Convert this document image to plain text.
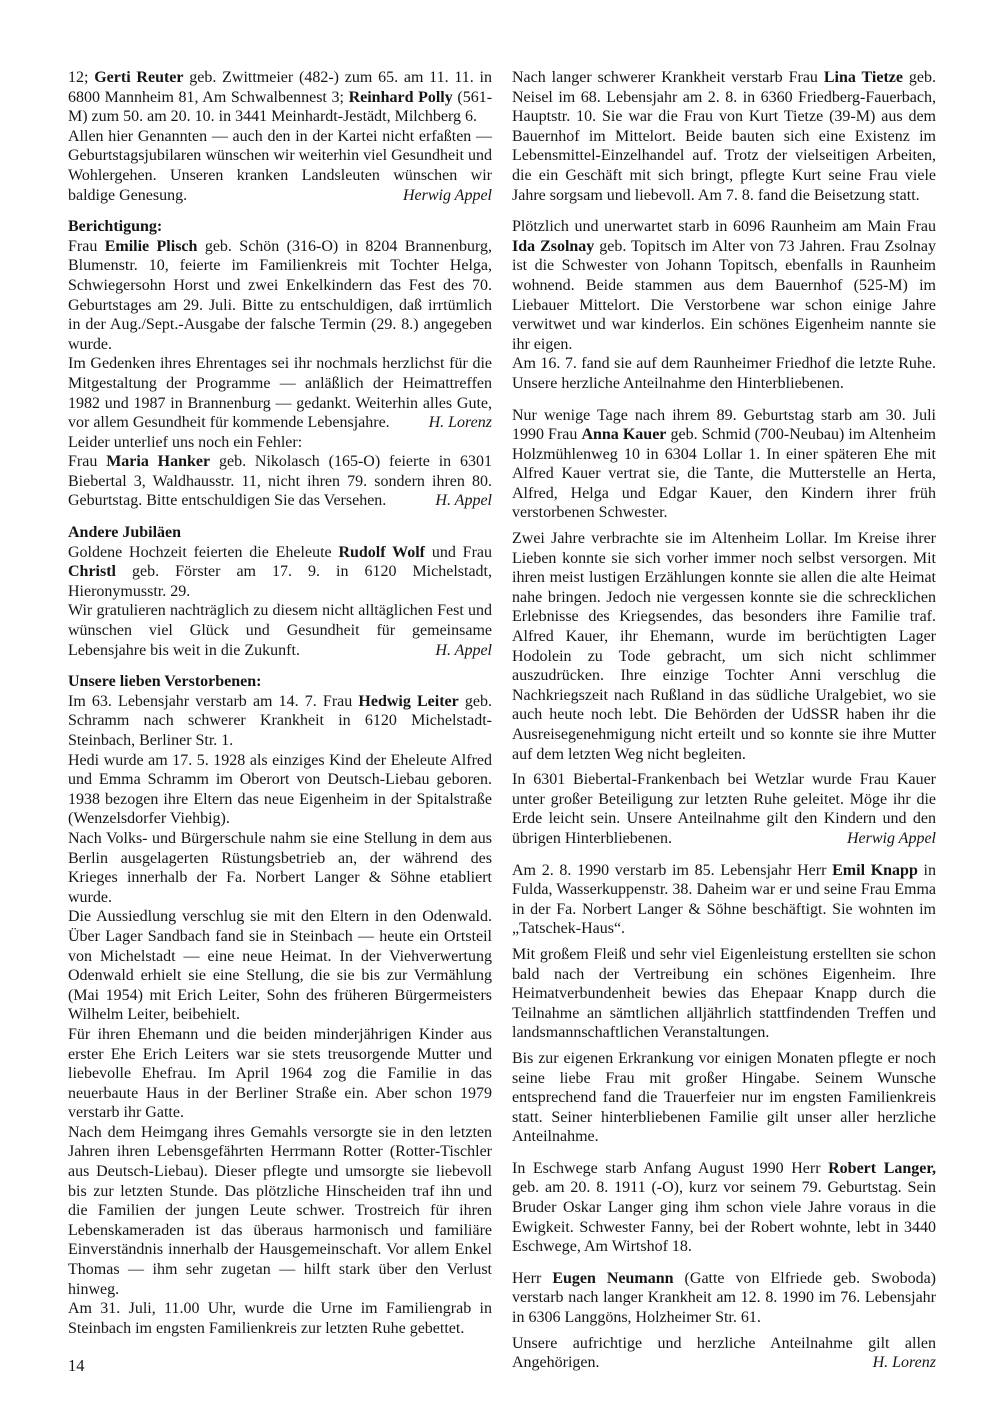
12; Gerti Reuter geb. Zwittmeier (482-) zum 65. am 11. 11. in 6800 Mannheim 81, Am Schwalbennest 3; Reinhard Polly (561-M) zum 50. am 20. 10. in 3441 Meinhardt-Jestädt, Milchberg 6.

Allen hier Genannten — auch den in der Kartei nicht erfaßten — Geburtstagsjubilaren wünschen wir weiterhin viel Gesundheit und Wohlergehen. Unseren kranken Landsleuten wünschen wir baldige Genesung.	Herwig Appel

Berichtigung:

Frau Emilie Plisch geb. Schön (316-O) in 8204 Brannenburg, Blumenstr. 10, feierte im Familienkreis mit Tochter Helga, Schwiegersohn Horst und zwei Enkelkindern das Fest des 70. Geburtstages am 29. Juli. Bitte zu entschuldigen, daß irrtümlich in der Aug./Sept.-Ausgabe der falsche Termin (29. 8.) angegeben wurde.

Im Gedenken ihres Ehrentages sei ihr nochmals herzlichst für die Mitgestaltung der Programme — anläßlich der Heimattreffen 1982 und 1987 in Brannenburg — gedankt. Weiterhin alles Gute, vor allem Gesundheit für kommende Lebensjahre.	H. Lorenz

Leider unterlief uns noch ein Fehler:

Frau Maria Hanker geb. Nikolasch (165-O) feierte in 6301 Biebertal 3, Waldhausstr. 11, nicht ihren 79. sondern ihren 80. Geburtstag. Bitte entschuldigen Sie das Versehen.	H. Appel

Andere Jubiläen

Goldene Hochzeit feierten die Eheleute Rudolf Wolf und Frau Christl geb. Förster am 17. 9. in 6120 Michelstadt, Hieronymusstr. 29.

Wir gratulieren nachträglich zu diesem nicht alltäglichen Fest und wünschen viel Glück und Gesundheit für gemeinsame Lebensjahre bis weit in die Zukunft.	H. Appel

Unsere lieben Verstorbenen:

Im 63. Lebensjahr verstarb am 14. 7. Frau Hedwig Leiter geb. Schramm nach schwerer Krankheit in 6120 Michelstadt-Steinbach, Berliner Str. 1.

Hedi wurde am 17. 5. 1928 als einziges Kind der Eheleute Alfred und Emma Schramm im Oberort von Deutsch-Liebau geboren. 1938 bezogen ihre Eltern das neue Eigenheim in der Spitalstraße (Wenzelsdorfer Viehbig).

Nach Volks- und Bürgerschule nahm sie eine Stellung in dem aus Berlin ausgelagerten Rüstungsbetrieb an, der während des Krieges innerhalb der Fa. Norbert Langer & Söhne etabliert wurde.

Die Aussiedlung verschlug sie mit den Eltern in den Odenwald. Über Lager Sandbach fand sie in Steinbach — heute ein Ortsteil von Michelstadt — eine neue Heimat. In der Viehverwertung Odenwald erhielt sie eine Stellung, die sie bis zur Vermählung (Mai 1954) mit Erich Leiter, Sohn des früheren Bürgermeisters Wilhelm Leiter, beibehielt.

Für ihren Ehemann und die beiden minderjährigen Kinder aus erster Ehe Erich Leiters war sie stets treusorgende Mutter und liebevolle Ehefrau. Im April 1964 zog die Familie in das neuerbaute Haus in der Berliner Straße ein. Aber schon 1979 verstarb ihr Gatte.

Nach dem Heimgang ihres Gemahls versorgte sie in den letzten Jahren ihren Lebensgefährten Herrmann Rotter (Rotter-Tischler aus Deutsch-Liebau). Dieser pflegte und umsorgte sie liebevoll bis zur letzten Stunde. Das plötzliche Hinscheiden traf ihn und die Familien der jungen Leute schwer. Trostreich für ihren Lebenskameraden ist das überaus harmonisch und familiäre Einverständnis innerhalb der Hausgemeinschaft. Vor allem Enkel Thomas — ihm sehr zugetan — hilft stark über den Verlust hinweg.

Am 31. Juli, 11.00 Uhr, wurde die Urne im Familiengrab in Steinbach im engsten Familienkreis zur letzten Ruhe gebettet.

Nach langer schwerer Krankheit verstarb Frau Lina Tietze geb. Neisel im 68. Lebensjahr am 2. 8. in 6360 Friedberg-Fauerbach, Hauptstr. 10. Sie war die Frau von Kurt Tietze (39-M) aus dem Bauernhof im Mittelort. Beide bauten sich eine Existenz im Lebensmittel-Einzelhandel auf. Trotz der vielseitigen Arbeiten, die ein Geschäft mit sich bringt, pflegte Kurt seine Frau viele Jahre sorgsam und liebevoll. Am 7. 8. fand die Beisetzung statt.

Plötzlich und unerwartet starb in 6096 Raunheim am Main Frau Ida Zsolnay geb. Topitsch im Alter von 73 Jahren. Frau Zsolnay ist die Schwester von Johann Topitsch, ebenfalls in Raunheim wohnend. Beide stammen aus dem Bauernhof (525-M) im Liebauer Mittelort. Die Verstorbene war schon einige Jahre verwitwet und war kinderlos. Ein schönes Eigenheim nannte sie ihr eigen.

Am 16. 7. fand sie auf dem Raunheimer Friedhof die letzte Ruhe. Unsere herzliche Anteilnahme den Hinterbliebenen.

Nur wenige Tage nach ihrem 89. Geburtstag starb am 30. Juli 1990 Frau Anna Kauer geb. Schmid (700-Neubau) im Altenheim Holzmühlenweg 10 in 6304 Lollar 1. In einer späteren Ehe mit Alfred Kauer vertrat sie, die Tante, die Mutterstelle an Herta, Alfred, Helga und Edgar Kauer, den Kindern ihrer früh verstorbenen Schwester.

Zwei Jahre verbrachte sie im Altenheim Lollar. Im Kreise ihrer Lieben konnte sie sich vorher immer noch selbst versorgen. Mit ihren meist lustigen Erzählungen konnte sie allen die alte Heimat nahe bringen. Jedoch nie vergessen konnte sie die schrecklichen Erlebnisse des Kriegsendes, das besonders ihre Familie traf. Alfred Kauer, ihr Ehemann, wurde im berüchtigten Lager Hodolein zu Tode gebracht, um sich nicht schlimmer auszudrücken. Ihre einzige Tochter Anni verschlug die Nachkriegszeit nach Rußland in das südliche Uralgebiet, wo sie auch heute noch lebt. Die Behörden der UdSSR haben ihr die Ausreisegenehmigung nicht erteilt und so konnte sie ihre Mutter auf dem letzten Weg nicht begleiten.

In 6301 Biebertal-Frankenbach bei Wetzlar wurde Frau Kauer unter großer Beteiligung zur letzten Ruhe geleitet. Möge ihr die Erde leicht sein. Unsere Anteilnahme gilt den Kindern und den übrigen Hinterbliebenen.	Herwig Appel

Am 2. 8. 1990 verstarb im 85. Lebensjahr Herr Emil Knapp in Fulda, Wasserkuppenstr. 38. Daheim war er und seine Frau Emma in der Fa. Norbert Langer & Söhne beschäftigt. Sie wohnten im „Tatschek-Haus“.

Mit großem Fleiß und sehr viel Eigenleistung erstellten sie schon bald nach der Vertreibung ein schönes Eigenheim. Ihre Heimatverbundenheit bewies das Ehepaar Knapp durch die Teilnahme an sämtlichen alljährlich stattfindenden Treffen und landsmannschaftlichen Veranstaltungen.

Bis zur eigenen Erkrankung vor einigen Monaten pflegte er noch seine liebe Frau mit großer Hingabe. Seinem Wunsche entsprechend fand die Trauerfeier nur im engsten Familienkreis statt. Seiner hinterbliebenen Familie gilt unser aller herzliche Anteilnahme.

In Eschwege starb Anfang August 1990 Herr Robert Langer, geb. am 20. 8. 1911 (-O), kurz vor seinem 79. Geburtstag. Sein Bruder Oskar Langer ging ihm schon viele Jahre voraus in die Ewigkeit. Schwester Fanny, bei der Robert wohnte, lebt in 3440 Eschwege, Am Wirtshof 18.

Herr Eugen Neumann (Gatte von Elfriede geb. Swoboda) verstarb nach langer Krankheit am 12. 8. 1990 im 76. Lebensjahr in 6306 Langgöns, Holzheimer Str. 61.

Unsere aufrichtige und herzliche Anteilnahme gilt allen Angehörigen.	H. Lorenz

14
